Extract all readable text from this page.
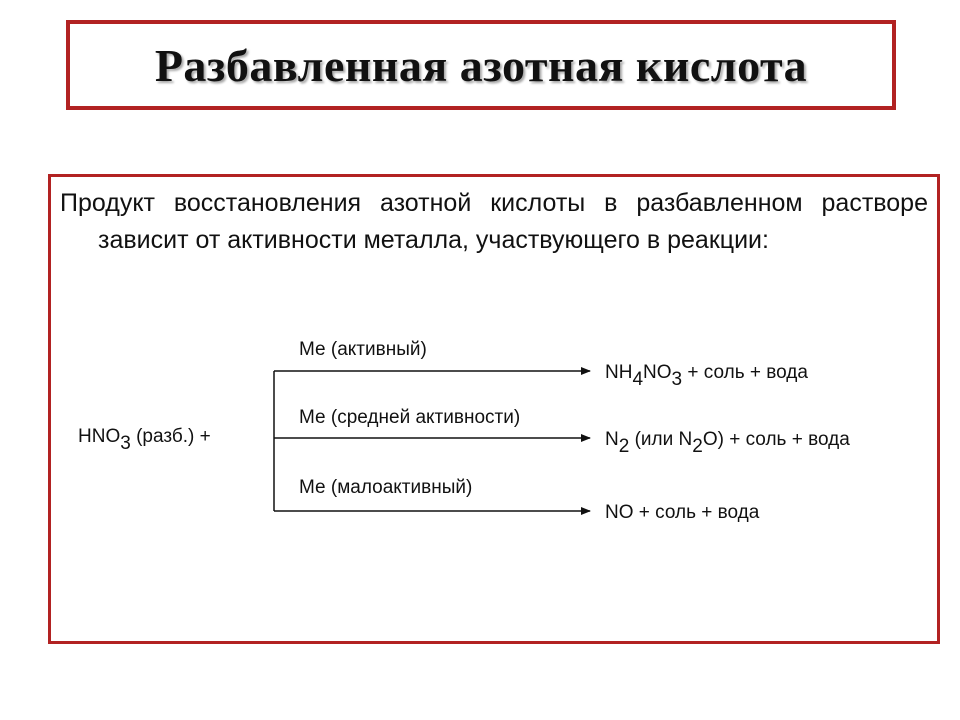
Разбавленная азотная кислота
Продукт восстановления азотной кислоты в разбавленном растворе зависит от активности металла, участвующего в реакции:
HNO3 (разб.) +
Ме (активный)
Ме (средней активности)
Ме (малоактивный)
NH4NO3 + соль + вода
N2 (или N2O) + соль + вода
NO + соль + вода
